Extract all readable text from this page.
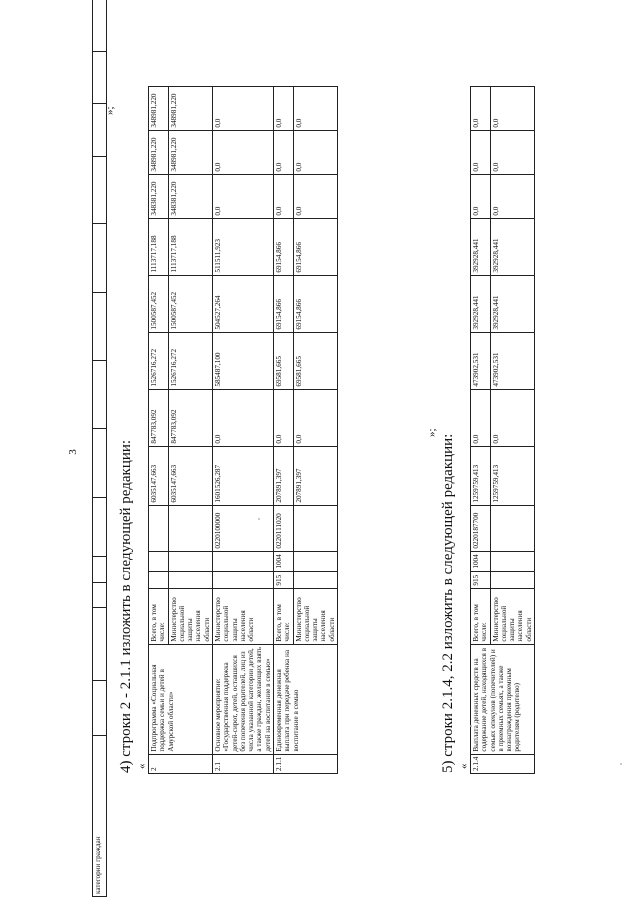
3
категории граждан													
»;
4) строки 2 - 2.1.1 изложить в следующей редакции: «
2	Подпрограмма «Социальная поддержка семьи и детей в Амурской области»	Всего, в том числе:				6035147,663	847783,092	1526716,272	1500587,452	1113717,188	348381,220	348981,220	348981,220
		Министерство социальной защиты населения области				6035147,663	847783,092	1526716,272	1500587,452	1113717,188	348381,220	348981,220	348981,220
2.1	Основное мероприятие: «Государственная поддержка детей-сирот, детей, оставшихся без попечения родителей, лиц из числа указанной категории детей, а также граждан, желающих взять детей на воспитание в семью»	Министерство социальной защиты населения области			0220100000	1601526,287	0,0	585487,100	504527,264	511511,923	0,0	0,0	0,0
2.1.1	Единовременная денежная выплата при передаче ребенка на воспитание в семью	Всего, в том числе:	915	1004	0220111020	207891,397	0,0	69581,665	69154,866	69154,866	0,0	0,0	0,0
		Министерство социальной защиты населения области				207891,397	0,0	69581,665	69154,866	69154,866	0,0	0,0	0,0
»;
5) строки 2.1.4, 2.2 изложить в следующей редакции: « 2.1.4	Выплата денежных средств на содержание детей, находящихся в семьях опекунов (попечителей) и в приемных семьях, а также вознаграждения приемным родителям (родителю)	Всего, в том числе:	915	1004	0220187700	1259759,413	0,0	473902,531	392928,441	392928,441	0,0	0,0	0,0
		Министерство социальной защиты населения области				1259759,413	0,0	473902,531	392928,441	392928,441	0,0	0,0	0,0
